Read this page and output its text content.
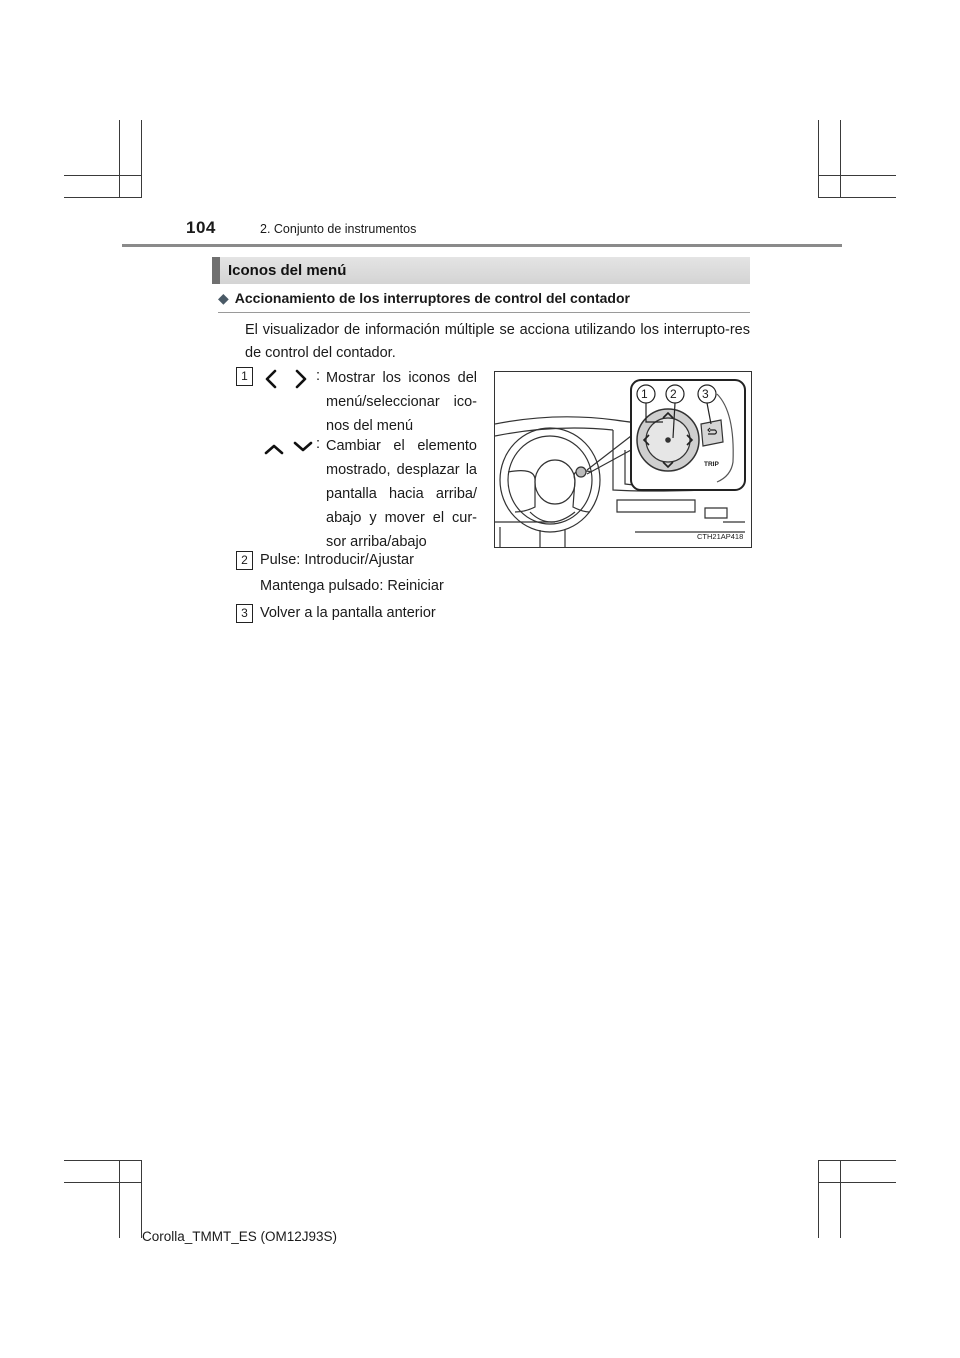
104	2. Conjunto de instrumentos
Iconos del menú
◆ Accionamiento de los interruptores de control del contador
El visualizador de información múltiple se acciona utilizando los interrupto-res de control del contador.
1	: Mostrar los iconos del menú/seleccionar ico-nos del menú
: Cambiar el elemento mostrado, desplazar la pantalla hacia arriba/ abajo y mover el cur-sor arriba/abajo
2 Pulse: Introducir/Ajustar
Mantenga pulsado: Reiniciar
3 Volver a la pantalla anterior
1 2 3
TRIP
CTH21AP418
Corolla_TMMT_ES (OM12J93S)
